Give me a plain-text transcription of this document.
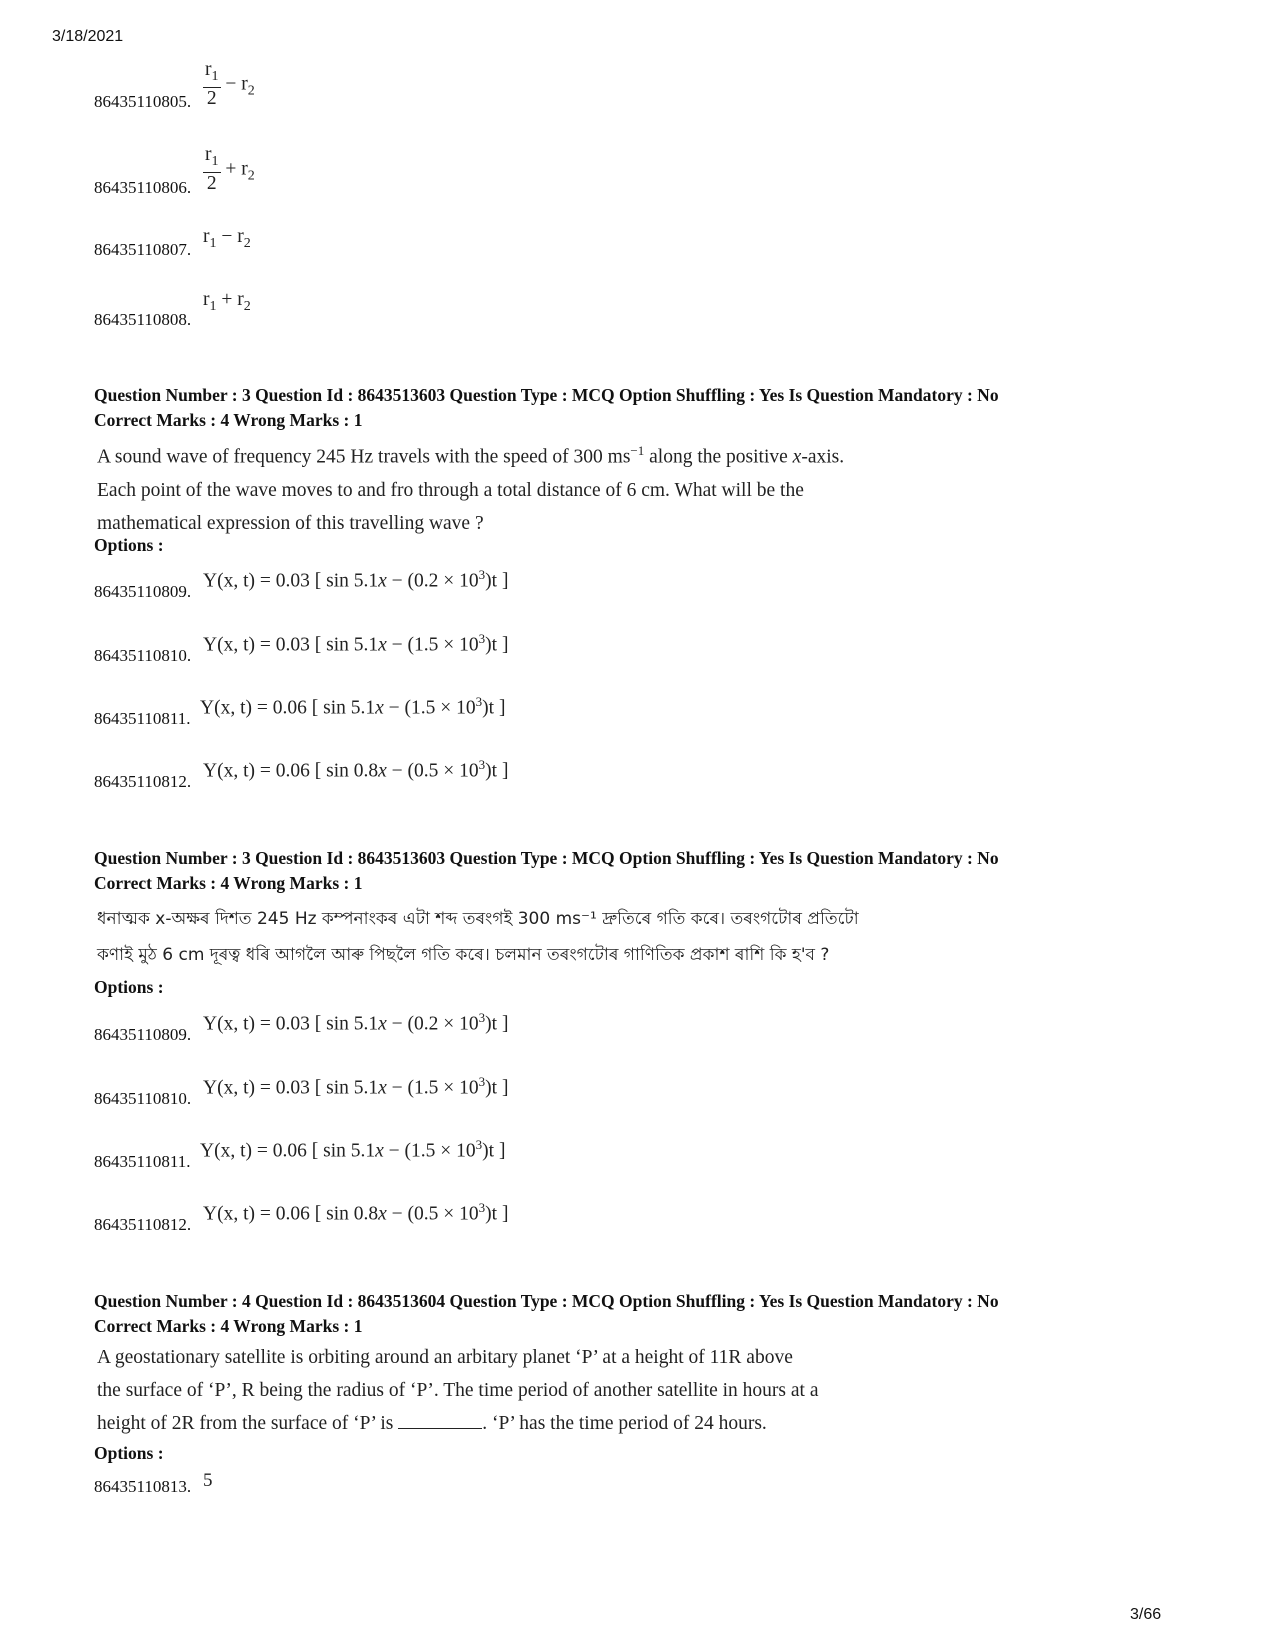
3/18/2021
$\frac{r_1}{2} - r_2$
86435110805.
$\frac{r_1}{2} + r_2$
86435110806.
$r_1 - r_2$
86435110807.
$r_1 + r_2$
86435110808.
Question Number : 3 Question Id : 8643513603 Question Type : MCQ Option Shuffling : Yes Is Question Mandatory : No
Correct Marks : 4 Wrong Marks : 1
A sound wave of frequency 245 Hz travels with the speed of 300 $ms^{-1}$ along the positive x-axis. Each point of the wave moves to and fro through a total distance of 6 cm. What will be the mathematical expression of this travelling wave ?
Options :
Y(x, t) = 0.03 [ $\sin 5.1x - (0.2 \times 10^3)t$ ]
86435110809.
Y(x, t) = 0.03 [ $\sin 5.1x - (1.5 \times 10^3)t$ ]
86435110810.
Y(x, t) = 0.06 [ $\sin 5.1x - (1.5 \times 10^3)t$ ]
86435110811.
Y(x, t) = 0.06 [ $\sin 0.8x - (0.5 \times 10^3)t$ ]
86435110812.
Question Number : 3 Question Id : 8643513603 Question Type : MCQ Option Shuffling : Yes Is Question Mandatory : No
Correct Marks : 4 Wrong Marks : 1
ধনাত্মক x-অক্ষৰ দিশত 245 Hz কম্পনাংকৰ এটা শব্দ তৰংগই 300 ms⁻¹ দ্ৰুতিৰে গতি কৰে। তৰংগটোৰ প্ৰতিটো
কণাই মুঠ 6 cm দূৰত্ব ধৰি আগলৈ আৰু পিছলৈ গতি কৰে। চলমান তৰংগটোৰ গাণিতিক প্ৰকাশ ৰাশি কি হ'ব ?
Options :
Y(x, t) = 0.03 [ $\sin 5.1x - (0.2 \times 10^3)t$ ]
86435110809.
Y(x, t) = 0.03 [ $\sin 5.1x - (1.5 \times 10^3)t$ ]
86435110810.
Y(x, t) = 0.06 [ $\sin 5.1x - (1.5 \times 10^3)t$ ]
86435110811.
Y(x, t) = 0.06 [ $\sin 0.8x - (0.5 \times 10^3)t$ ]
86435110812.
Question Number : 4 Question Id : 8643513604 Question Type : MCQ Option Shuffling : Yes Is Question Mandatory : No
Correct Marks : 4 Wrong Marks : 1
A geostationary satellite is orbiting around an arbitary planet ‘P’ at a height of 11R above
the surface of ‘P’, R being the radius of ‘P’. The time period of another satellite in hours at a
height of 2R from the surface of ‘P’ is	. ‘P’ has the time period of 24 hours.
Options :
86435110813. 5
3/66
